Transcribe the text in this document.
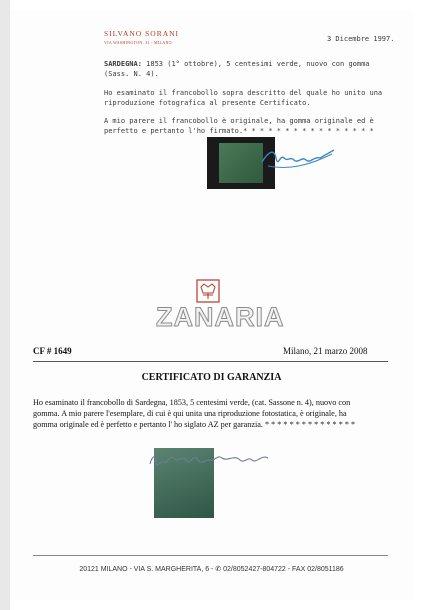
SILVANO SORANI
VIA WASHINGTON, 31 - MILANO	3 Dicembre 1997.
SARDEGNA: 1853 (1° ottobre), 5 centesimi verde, nuovo con gomma
(Sass. N. 4).
Ho esaminato il francobollo sopra descritto del quale ho unito una
riproduzione fotografica al presente Certificato.
A mio parere il francobollo è originale, ha gomma originale ed è
perfetto e pertanto l'ho firmato.* * * * * * * * * * * * * * * *
ZANARIA
CF # 1649	Milano, 21 marzo 2008
CERTIFICATO DI GARANZIA
Ho esaminato il francobollo di Sardegna, 1853, 5 centesimi verde, (cat. Sassone n. 4), nuovo con
gomma. A mio parere l'esemplare, di cui è qui unita una riproduzione fotostatica, è originale, ha
gomma originale ed è perfetto e pertanto l' ho siglato AZ per garanzia. * * * * * * * * * * * * * * *
20121 MILANO - VIA S. MARGHERITA, 6 - ✆ 02/8052427-804722 - FAX 02/8051186
